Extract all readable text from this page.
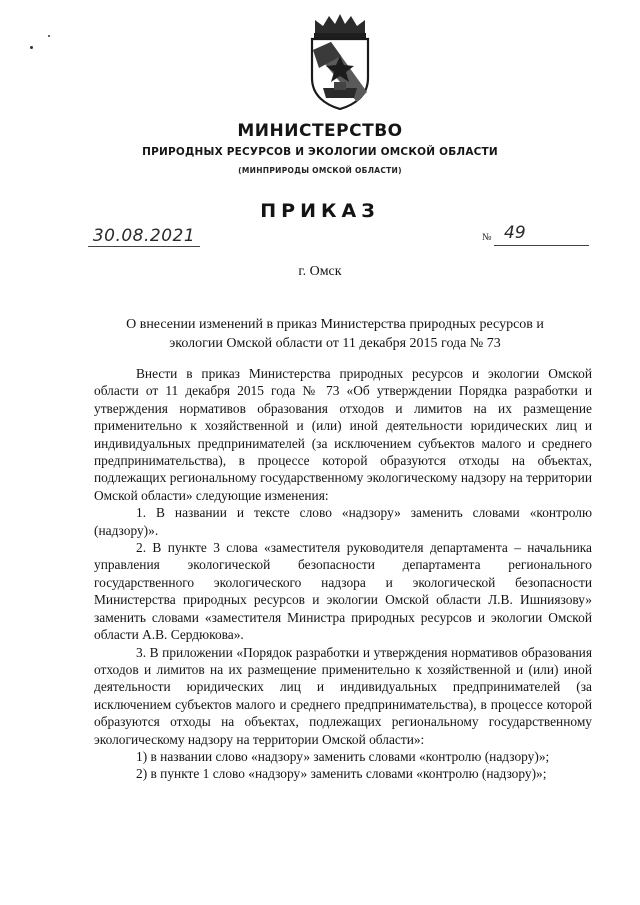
МИНИСТЕРСТВО
ПРИРОДНЫХ РЕСУРСОВ И ЭКОЛОГИИ ОМСКОЙ ОБЛАСТИ
(МИНПРИРОДЫ ОМСКОЙ ОБЛАСТИ)
ПРИКАЗ
30.08.2021	№ 49
г. Омск
О внесении изменений в приказ Министерства природных ресурсов и экологии Омской области от 11 декабря 2015 года № 73

Внести в приказ Министерства природных ресурсов и экологии Омской области от 11 декабря 2015 года № 73 «Об утверждении Порядка разработки и утверждения нормативов образования отходов и лимитов на их размещение применительно к хозяйственной и (или) иной деятельности юридических лиц и индивидуальных предпринимателей (за исключением субъектов малого и среднего предпринимательства), в процессе которой образуются отходы на объектах, подлежащих региональному государственному экологическому надзору на территории Омской области» следующие изменения:

1. В названии и тексте слово «надзору» заменить словами «контролю (надзору)».

2. В пункте 3 слова «заместителя руководителя департамента – начальника управления экологической безопасности департамента регионального государственного экологического надзора и экологической безопасности Министерства природных ресурсов и экологии Омской области Л.В. Ишниязову» заменить словами «заместителя Министра природных ресурсов и экологии Омской области А.В. Сердюкова».

3. В приложении «Порядок разработки и утверждения нормативов образования отходов и лимитов на их размещение применительно к хозяйственной и (или) иной деятельности юридических лиц и индивидуальных предпринимателей (за исключением субъектов малого и среднего предпринимательства), в процессе которой образуются отходы на объектах, подлежащих региональному государственному экологическому надзору на территории Омской области»:

1) в названии слово «надзору» заменить словами «контролю (надзору)»;

2) в пункте 1 слово «надзору» заменить словами «контролю (надзору)»;
